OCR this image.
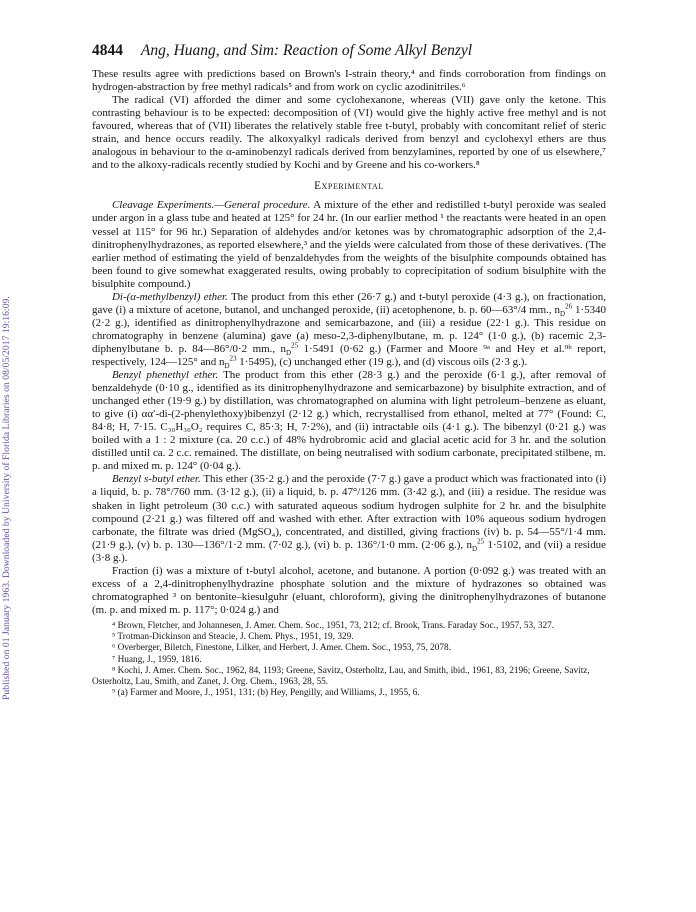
Published on 01 January 1963. Downloaded by University of Florida Libraries on 08/05/2017 19:16:09.
4844 Ang, Huang, and Sim: Reaction of Some Alkyl Benzyl

These results agree with predictions based on Brown's I-strain theory,⁴ and finds corroboration from findings on hydrogen-abstraction by free methyl radicals⁵ and from work on cyclic azodinitriles.⁶

The radical (VI) afforded the dimer and some cyclohexanone, whereas (VII) gave only the ketone. This contrasting behaviour is to be expected: decomposition of (VI) would give the highly active free methyl and is not favoured, whereas that of (VII) liberates the relatively stable free t-butyl, probably with concomitant relief of steric strain, and hence occurs readily. The alkoxyalkyl radicals derived from benzyl and cyclohexyl ethers are thus analogous in behaviour to the α-aminobenzyl radicals derived from benzylamines, reported by one of us elsewhere,⁷ and to the alkoxy-radicals recently studied by Kochi and by Greene and his co-workers.⁸

Experimental

Cleavage Experiments.—General procedure. A mixture of the ether and redistilled t-butyl peroxide was sealed under argon in a glass tube and heated at 125° for 24 hr. (In our earlier method ¹ the reactants were heated in an open vessel at 115° for 96 hr.) Separation of aldehydes and/or ketones was by chromatographic adsorption of the 2,4-dinitrophenylhydrazones, as reported elsewhere,³ and the yields were calculated from those of these derivatives. (The earlier method of estimating the yield of benzaldehydes from the weights of the bisulphite compounds obtained has been found to give somewhat exaggerated results, owing probably to coprecipitation of sodium bisulphite with the bisulphite compound.)

Di-(α-methylbenzyl) ether. The product from this ether (26·7 g.) and t-butyl peroxide (4·3 g.), on fractionation, gave (i) a mixture of acetone, butanol, and unchanged peroxide, (ii) acetophenone, b. p. 60—63°/4 mm., $n_D^{26}$ 1·5340 (2·2 g.), identified as dinitrophenylhydrazone and semicarbazone, and (iii) a residue (22·1 g.). This residue on chromatography in benzene (alumina) gave (a) meso-2,3-diphenylbutane, m. p. 124° (1·0 g.), (b) racemic 2,3-diphenylbutane b. p. 84—86°/0·2 mm., $n_D^{25}$ 1·5491 (0·62 g.) (Farmer and Moore ⁹ᵃ and Hey et al.⁹ᵇ report, respectively, 124—125° and $n_D^{23}$ 1·5495), (c) unchanged ether (19 g.), and (d) viscous oils (2·3 g.).

Benzyl phenethyl ether. The product from this ether (28·3 g.) and the peroxide (6·1 g.), after removal of benzaldehyde (0·10 g., identified as its dinitrophenylhydrazone and semicarbazone) by bisulphite extraction, and of unchanged ether (19·9 g.) by distillation, was chromatographed on alumina with light petroleum–benzene as eluant, to give (i) αα′-di-(2-phenylethoxy)bibenzyl (2·12 g.) which, recrystallised from ethanol, melted at 77° (Found: C, 84·8; H, 7·15. C₃₀H₃₀O₂ requires C, 85·3; H, 7·2%), and (ii) intractable oils (4·1 g.). The bibenzyl (0·21 g.) was boiled with a 1 : 2 mixture (ca. 20 c.c.) of 48% hydrobromic acid and glacial acetic acid for 3 hr. and the solution distilled until ca. 2 c.c. remained. The distillate, on being neutralised with sodium carbonate, precipitated stilbene, m. p. and mixed m. p. 124° (0·04 g.).

Benzyl s-butyl ether. This ether (35·2 g.) and the peroxide (7·7 g.) gave a product which was fractionated into (i) a liquid, b. p. 78°/760 mm. (3·12 g.), (ii) a liquid, b. p. 47°/126 mm. (3·42 g.), and (iii) a residue. The residue was shaken in light petroleum (30 c.c.) with saturated aqueous sodium hydrogen sulphite for 2 hr. and the bisulphite compound (2·21 g.) was filtered off and washed with ether. After extraction with 10% aqueous sodium hydrogen carbonate, the filtrate was dried (MgSO₄), concentrated, and distilled, giving fractions (iv) b. p. 54—55°/1·4 mm. (21·9 g.), (v) b. p. 130—136°/1·2 mm. (7·02 g.), (vi) b. p. 136°/1·0 mm. (2·06 g.), $n_D^{25}$ 1·5102, and (vii) a residue (3·8 g.).

Fraction (i) was a mixture of t-butyl alcohol, acetone, and butanone. A portion (0·092 g.) was treated with an excess of a 2,4-dinitrophenylhydrazine phosphate solution and the mixture of hydrazones so obtained was chromatographed ³ on bentonite–kiesulguhr (eluant, chloroform), giving the dinitrophenylhydrazones of butanone (m. p. and mixed m. p. 117°; 0·024 g.) and

⁴ Brown, Fletcher, and Johannesen, J. Amer. Chem. Soc., 1951, 73, 212; cf. Brook, Trans. Faraday Soc., 1957, 53, 327.

⁵ Trotman-Dickinson and Steacie, J. Chem. Phys., 1951, 19, 329.

⁶ Overberger, Biletch, Finestone, Lilker, and Herbert, J. Amer. Chem. Soc., 1953, 75, 2078.

⁷ Huang, J., 1959, 1816.

⁸ Kochi, J. Amer. Chem. Soc., 1962, 84, 1193; Greene, Savitz, Osterholtz, Lau, and Smith, ibid., 1961, 83, 2196; Greene, Savitz, Osterholtz, Lau, Smith, and Zanet, J. Org. Chem., 1963, 28, 55.

⁹ (a) Farmer and Moore, J., 1951, 131; (b) Hey, Pengilly, and Williams, J., 1955, 6.
